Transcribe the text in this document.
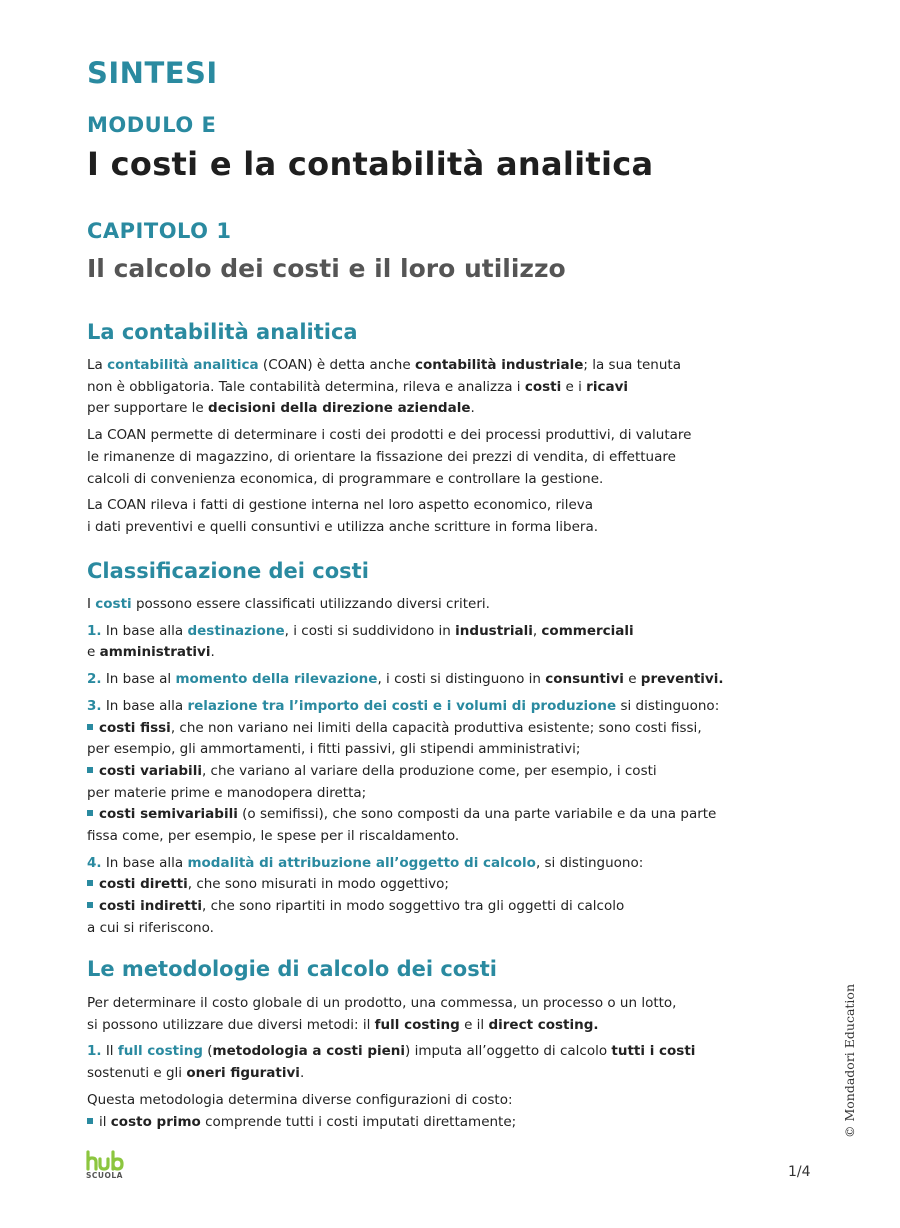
SINTESI
MODULO E
I costi e la contabilità analitica
CAPITOLO 1
Il calcolo dei costi e il loro utilizzo
La contabilità analitica

La contabilità analitica (COAN) è detta anche contabilità industriale; la sua tenuta
non è obbligatoria. Tale contabilità determina, rileva e analizza i costi e i ricavi
per supportare le decisioni della direzione aziendale.

La COAN permette di determinare i costi dei prodotti e dei processi produttivi, di valutare
le rimanenze di magazzino, di orientare la fissazione dei prezzi di vendita, di effettuare
calcoli di convenienza economica, di programmare e controllare la gestione.

La COAN rileva i fatti di gestione interna nel loro aspetto economico, rileva
i dati preventivi e quelli consuntivi e utilizza anche scritture in forma libera.

Classificazione dei costi

I costi possono essere classificati utilizzando diversi criteri.

1. In base alla destinazione, i costi si suddividono in industriali, commerciali
e amministrativi.

2. In base al momento della rilevazione, i costi si distinguono in consuntivi e preventivi.

3. In base alla relazione tra l’importo dei costi e i volumi di produzione si distinguono:

costi fissi, che non variano nei limiti della capacità produttiva esistente; sono costi fissi,
per esempio, gli ammortamenti, i fitti passivi, gli stipendi amministrativi;

costi variabili, che variano al variare della produzione come, per esempio, i costi
per materie prime e manodopera diretta;

costi semivariabili (o semifissi), che sono composti da una parte variabile e da una parte
fissa come, per esempio, le spese per il riscaldamento.

4. In base alla modalità di attribuzione all’oggetto di calcolo, si distinguono:

costi diretti, che sono misurati in modo oggettivo;

costi indiretti, che sono ripartiti in modo soggettivo tra gli oggetti di calcolo
a cui si riferiscono.

Le metodologie di calcolo dei costi

Per determinare il costo globale di un prodotto, una commessa, un processo o un lotto,
si possono utilizzare due diversi metodi: il full costing e il direct costing.

1. Il full costing (metodologia a costi pieni) imputa all’oggetto di calcolo tutti i costi
sostenuti e gli oneri figurativi.

Questa metodologia determina diverse configurazioni di costo:

il costo primo comprende tutti i costi imputati direttamente;

SCUOLA	1/4
© Mondadori Education
